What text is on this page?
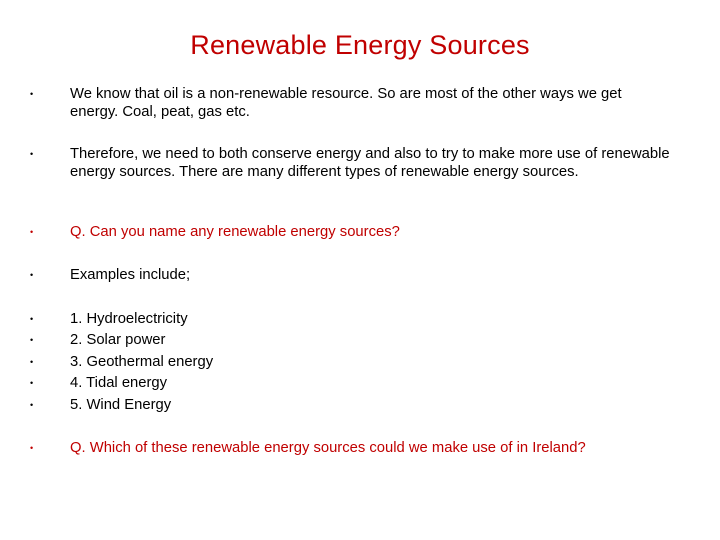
Renewable Energy Sources
•	We know that oil is a non-renewable resource. So are most of the other ways we get energy. Coal, peat, gas etc.
•	Therefore, we need to both conserve energy and also to try to make more use of renewable energy sources. There are many different types of renewable energy sources.
•	Q. Can you name any renewable energy sources?
•	Examples include;
•	1. Hydroelectricity
•	2. Solar power
•	3. Geothermal energy
•	4. Tidal energy
•	5. Wind Energy
•	Q. Which of these renewable energy sources could we make use of in Ireland?
